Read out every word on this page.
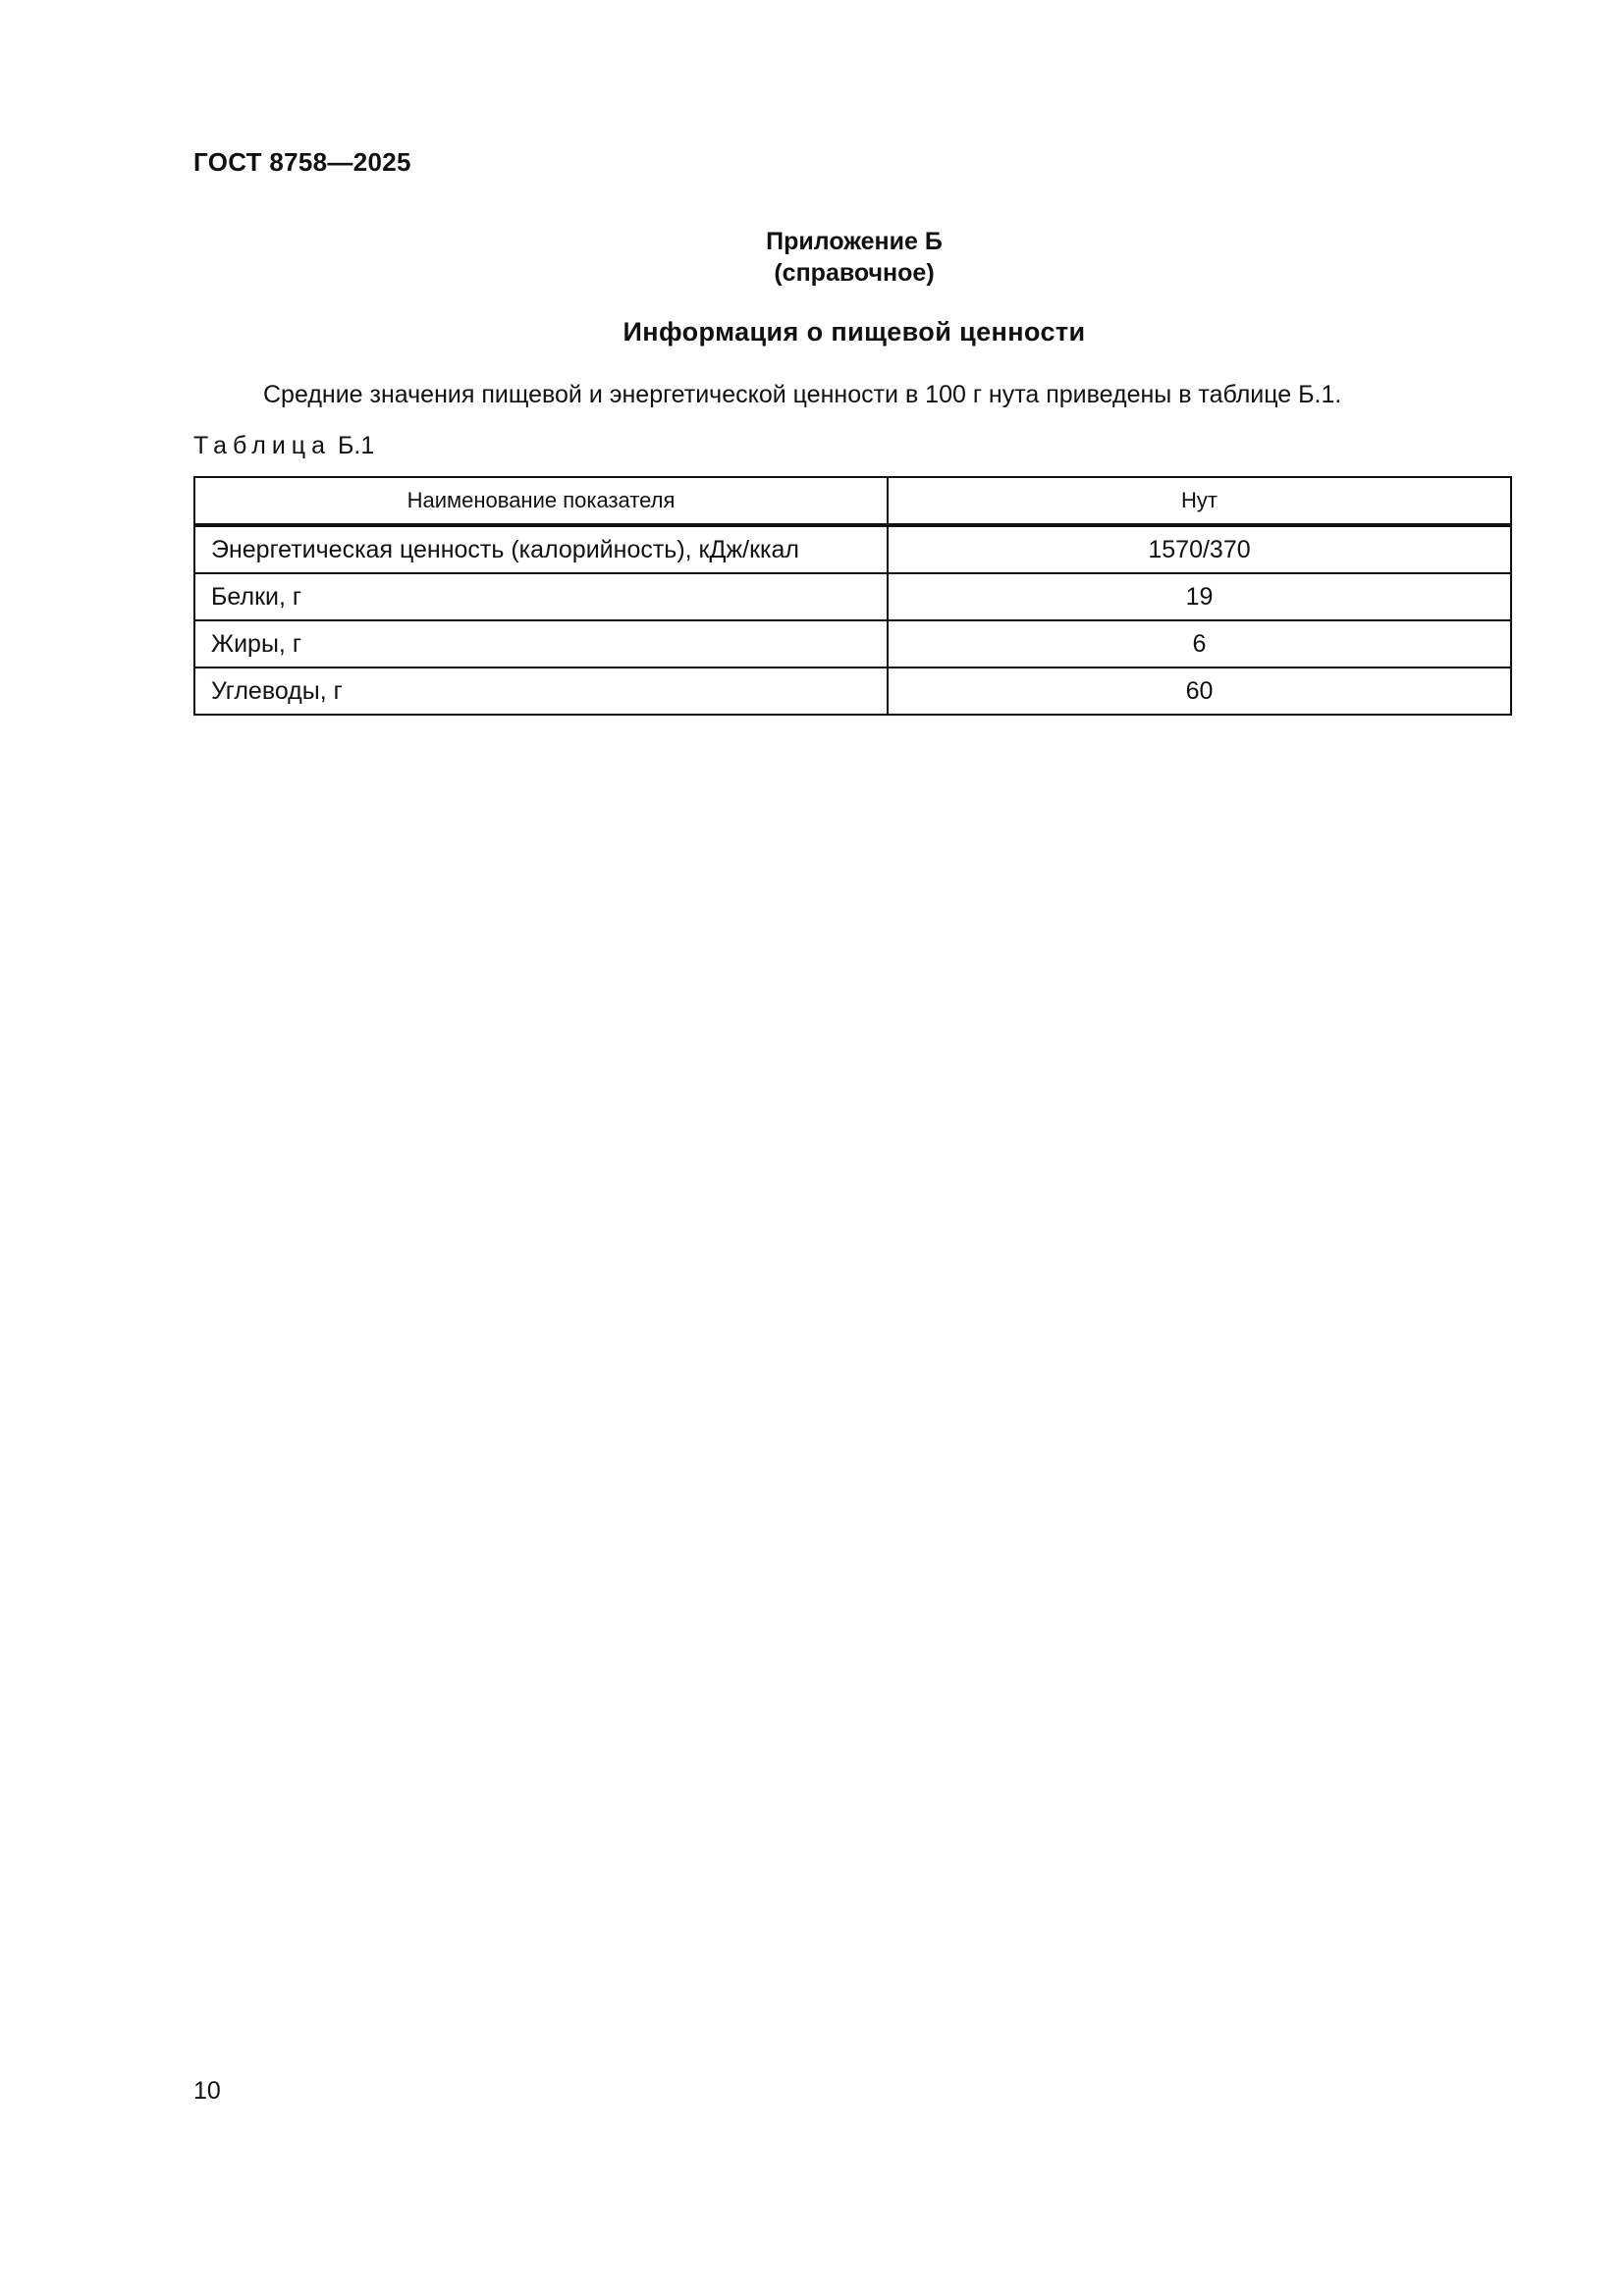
ГОСТ 8758—2025
Приложение Б
(справочное)
Информация о пищевой ценности
Средние значения пищевой и энергетической ценности в 100 г нута приведены в таблице Б.1.
Таблица Б.1
Наименование показателя	Нут
Энергетическая ценность (калорийность), кДж/ккал	1570/370
Белки, г	19
Жиры, г	6
Углеводы, г	60
10
